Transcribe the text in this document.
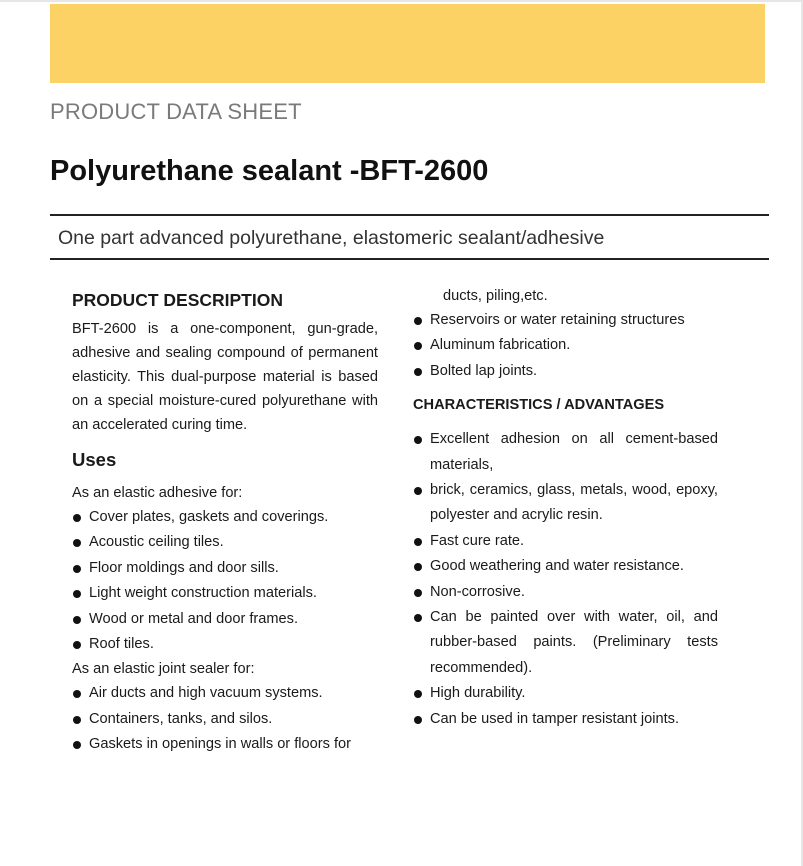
PRODUCT DATA SHEET
Polyurethane sealant -BFT-2600
One part advanced polyurethane, elastomeric sealant/adhesive
PRODUCT DESCRIPTION

BFT-2600 is a one-component, gun-grade, adhesive and sealing compound of permanent elasticity. This dual-purpose material is based on a special moisture-cured polyurethane with an accelerated curing time.

Uses

As an elastic adhesive for:

Cover plates, gaskets and coverings.
Acoustic ceiling tiles.
Floor moldings and door sills.
Light weight construction materials.
Wood or metal and door frames.
Roof tiles.

As an elastic joint sealer for:

Air ducts and high vacuum systems.
Containers, tanks, and silos.
Gaskets in openings in walls or floors for

ducts, piling,etc.

Reservoirs or water retaining structures
Aluminum fabrication.
Bolted lap joints.
CHARACTERISTICS / ADVANTAGES
Excellent adhesion on all cement-based materials,
brick, ceramics, glass, metals, wood, epoxy, polyester and acrylic resin.
Fast cure rate.
Good weathering and water resistance.
Non-corrosive.
Can be painted over with water, oil, and rubber-based paints. (Preliminary tests recommended).
High durability.
Can be used in tamper resistant joints.
